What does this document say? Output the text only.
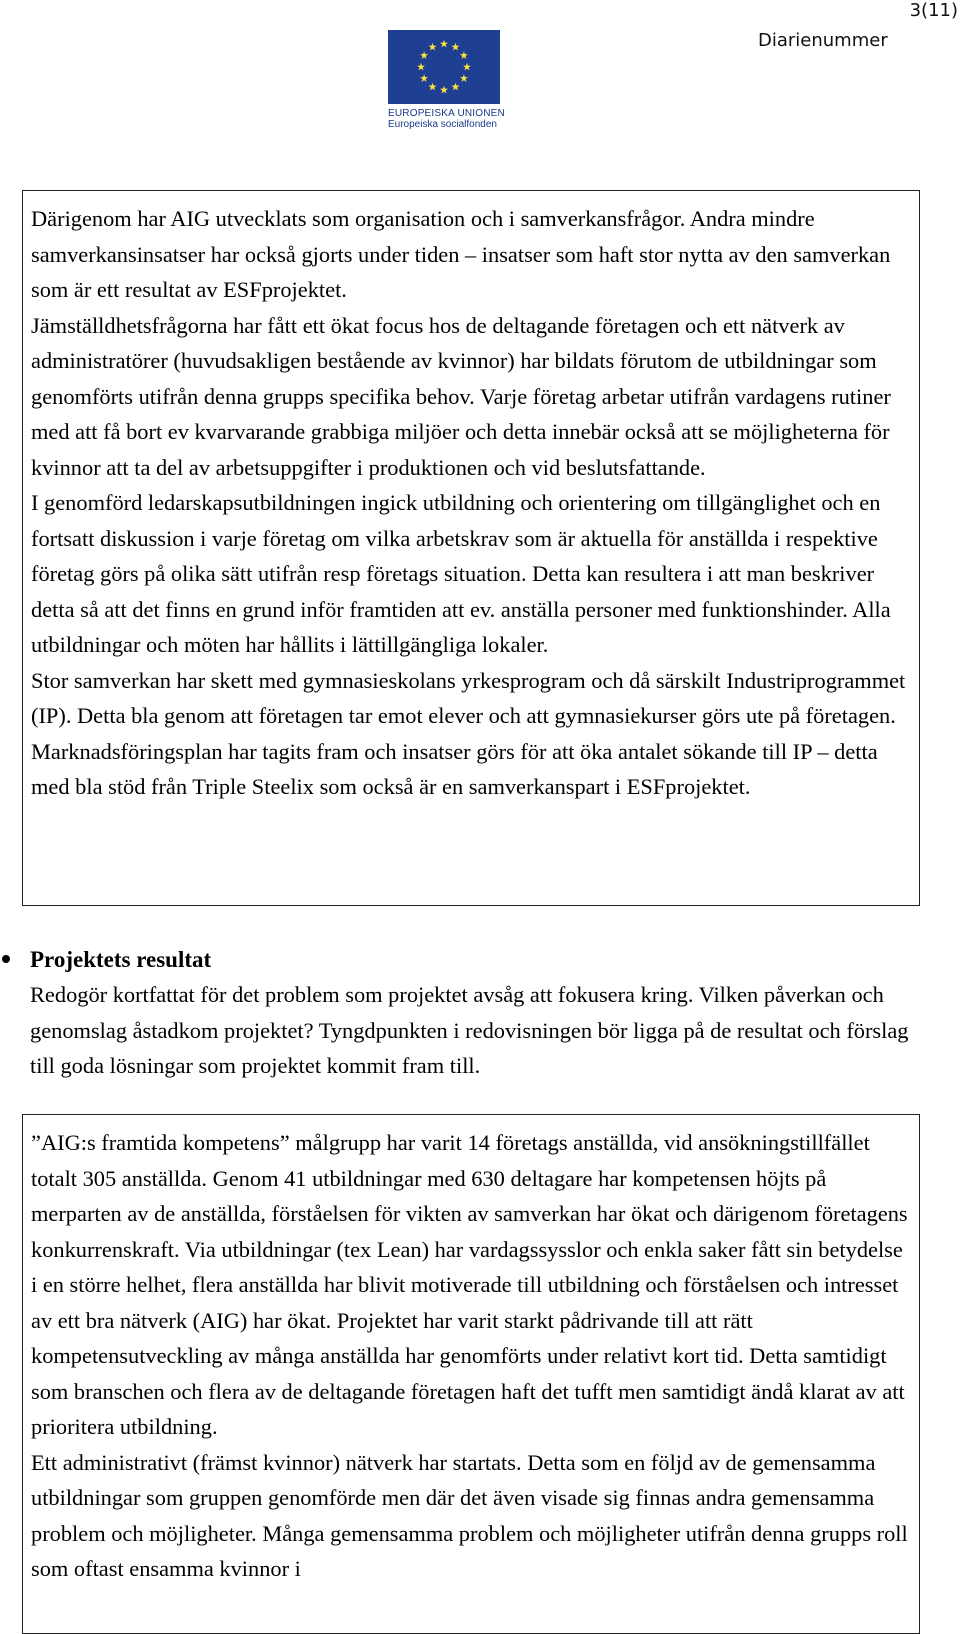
3(11)
Diarienummer
EUROPEISKA UNIONEN
Europeiska socialfonden

Därigenom har AIG utvecklats som organisation och i samverkansfrågor. Andra mindre samverkansinsatser har också gjorts under tiden – insatser som haft stor nytta av den samverkan som är ett resultat av ESFprojektet.

Jämställdhetsfrågorna har fått ett ökat focus hos de deltagande företagen och ett nätverk av administratörer (huvudsakligen bestående av kvinnor) har bildats förutom de utbildningar som genomförts utifrån denna grupps specifika behov. Varje företag arbetar utifrån vardagens rutiner med att få bort ev kvarvarande grabbiga miljöer och detta innebär också att se möjligheterna för kvinnor att ta del av arbetsuppgifter i produktionen och vid beslutsfattande.

I genomförd ledarskapsutbildningen ingick utbildning och orientering om tillgänglighet och en fortsatt diskussion i varje företag om vilka arbetskrav som är aktuella för anställda i respektive företag görs på olika sätt utifrån resp företags situation. Detta kan resultera i att man beskriver detta så att det finns en grund inför framtiden att ev. anställa personer med funktionshinder. Alla utbildningar och möten har hållits i lättillgängliga lokaler.

Stor samverkan har skett med gymnasieskolans yrkesprogram och då särskilt Industriprogrammet (IP). Detta bla genom att företagen tar emot elever och att gymnasiekurser görs ute på företagen. Marknadsföringsplan har tagits fram och insatser görs för att öka antalet sökande till IP – detta med bla stöd från Triple Steelix som också är en samverkanspart i ESFprojektet.

Projektets resultat

Redogör kortfattat för det problem som projektet avsåg att fokusera kring. Vilken påverkan och genomslag åstadkom projektet? Tyngdpunkten i redovisningen bör ligga på de resultat och förslag till goda lösningar som projektet kommit fram till.

”AIG:s framtida kompetens” målgrupp har varit 14 företags anställda, vid ansökningstillfället totalt 305 anställda. Genom 41 utbildningar med 630 deltagare har kompetensen höjts på merparten av de anställda, förståelsen för vikten av samverkan har ökat och därigenom företagens konkurrenskraft. Via utbildningar (tex Lean) har vardagssysslor och enkla saker fått sin betydelse i en större helhet, flera anställda har blivit motiverade till utbildning och förståelsen och intresset av ett bra nätverk (AIG) har ökat. Projektet har varit starkt pådrivande till att rätt kompetensutveckling av många anställda har genomförts under relativt kort tid. Detta samtidigt som branschen och flera av de deltagande företagen haft det tufft men samtidigt ändå klarat av att prioritera utbildning.

Ett administrativt (främst kvinnor) nätverk har startats. Detta som en följd av de gemensamma utbildningar som gruppen genomförde men där det även visade sig finnas andra gemensamma problem och möjligheter. Många gemensamma problem och möjligheter utifrån denna grupps roll som oftast ensamma kvinnor i
